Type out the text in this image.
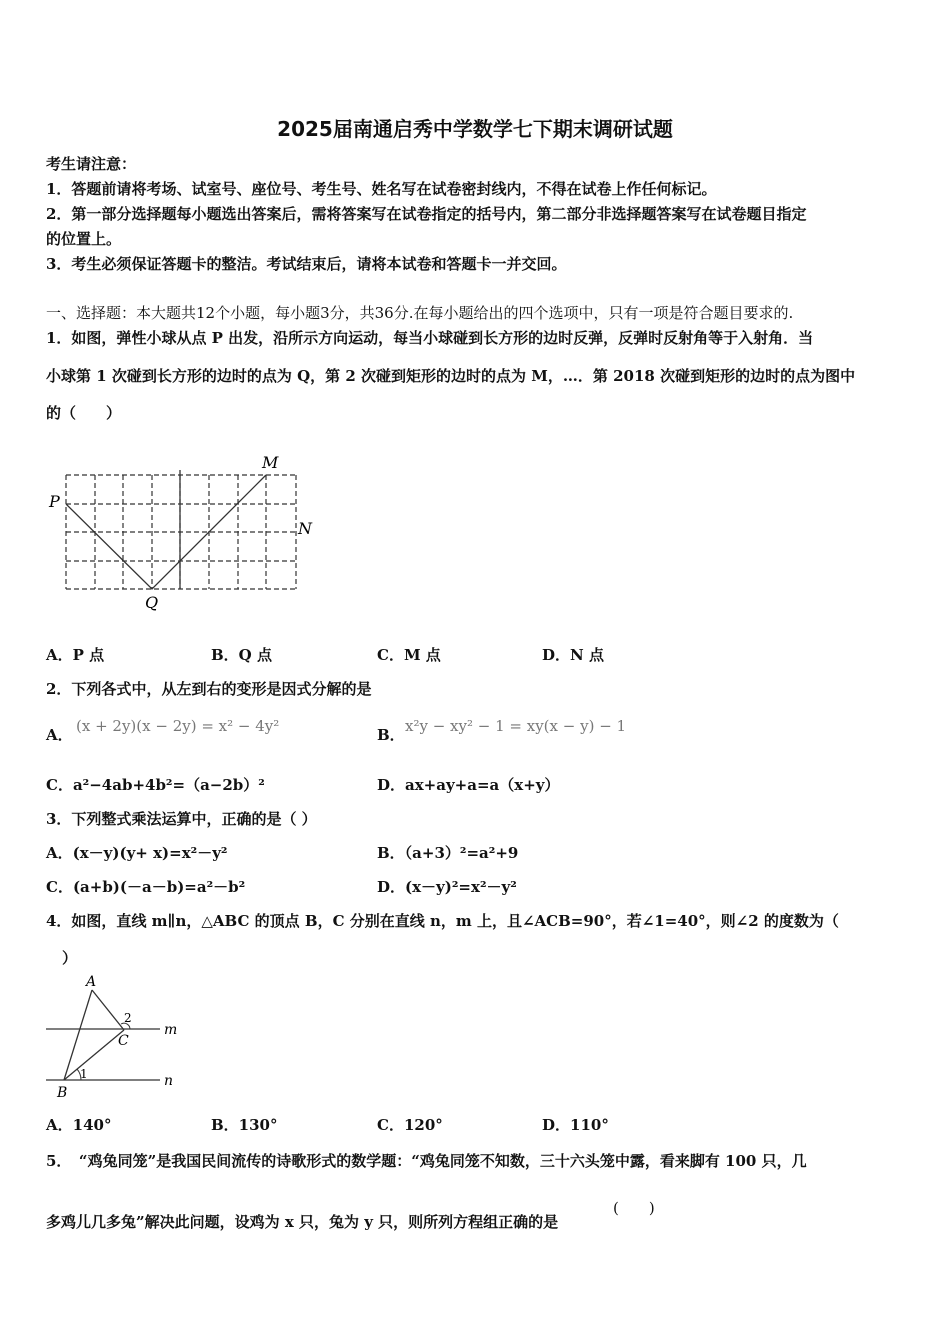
2025届南通启秀中学数学七下期末调研试题
考生请注意：
1．答题前请将考场、试室号、座位号、考生号、姓名写在试卷密封线内，不得在试卷上作任何标记。
2．第一部分选择题每小题选出答案后，需将答案写在试卷指定的括号内，第二部分非选择题答案写在试卷题目指定
的位置上。
3．考生必须保证答题卡的整洁。考试结束后，请将本试卷和答题卡一并交回。
一、选择题：本大题共12个小题，每小题3分，共36分.在每小题给出的四个选项中，只有一项是符合题目要求的.
1．如图，弹性小球从点 P 出发，沿所示方向运动，每当小球碰到长方形的边时反弹，反弹时反射角等于入射角．当
小球第 1 次碰到长方形的边时的点为 Q，第 2 次碰到矩形的边时的点为 M，…．第 2018 次碰到矩形的边时的点为图中
的（　　）
P
Q
M
N
A．P 点	B．Q 点	C．M 点	D．N 点
2．下列各式中，从左到右的变形是因式分解的是
A． (x + 2y)(x − 2y) = x² − 4y²	B． x²y − xy² − 1 = xy(x − y) − 1
C．a²−4ab+4b²=（a−2b）²	D．ax+ay+a=a（x+y）
3．下列整式乘法运算中，正确的是（ ）
A．(x－y)(y+ x)=x²－y²	B．（a+3）²=a²+9
C．(a+b)(－a－b)=a²－b²	D．(x－y)²=x²－y²
4．如图，直线 m∥n，△ABC 的顶点 B，C 分别在直线 n，m 上，且∠ACB=90°，若∠1=40°，则∠2 的度数为（
）
A
C
B
m
n
1
2
A．140°	B．130°	C．120°	D．110°
5．　“鸡兔同笼”是我国民间流传的诗歌形式的数学题：“鸡兔同笼不知数，三十六头笼中露，看来脚有 100 只，几
多鸡儿几多兔”解决此问题，设鸡为 x 只，兔为 y 只，则所列方程组正确的是
(　　)
